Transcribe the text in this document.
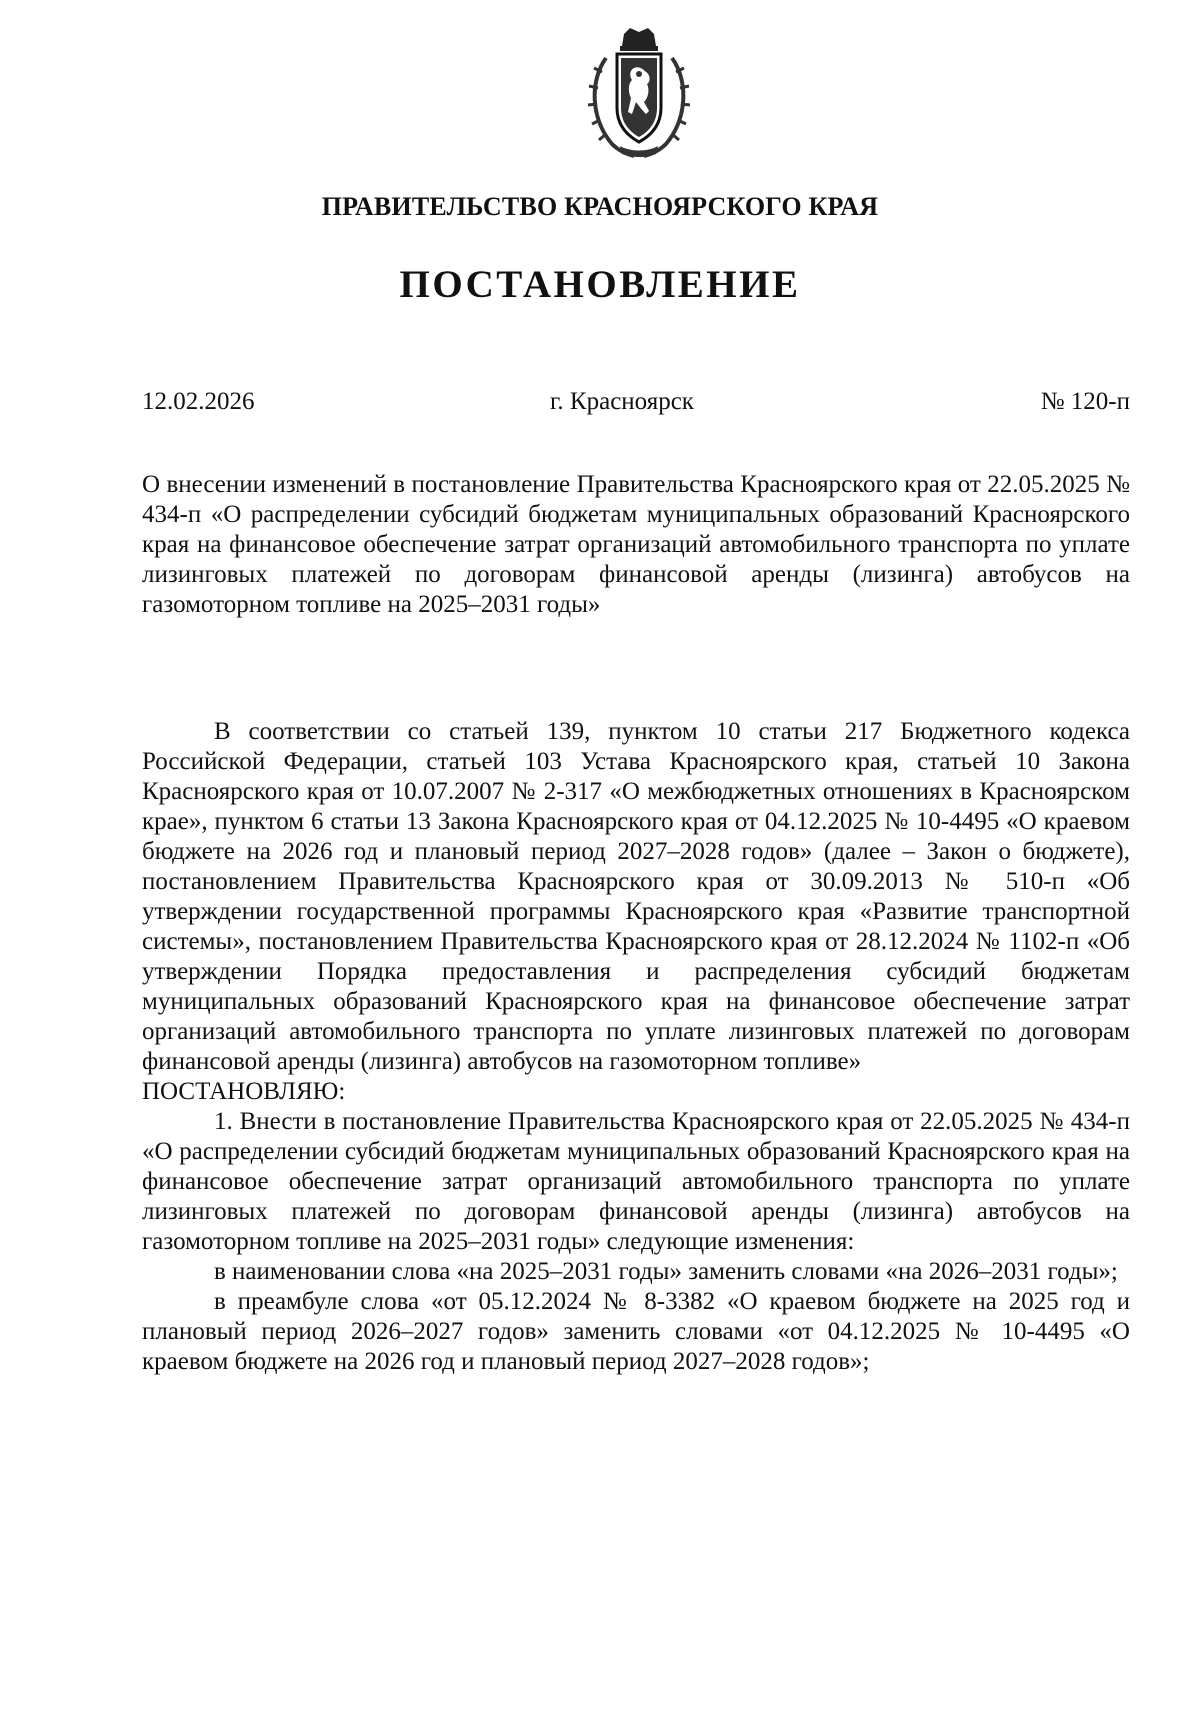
ПРАВИТЕЛЬСТВО КРАСНОЯРСКОГО КРАЯ
ПОСТАНОВЛЕНИЕ
12.02.2026	г. Красноярск	№ 120-п
О внесении изменений в постановление Правительства Красноярского края от 22.05.2025 № 434-п «О распределении субсидий бюджетам муниципальных образований Красноярского края на финансовое обеспечение затрат организаций автомобильного транспорта по уплате лизинговых платежей по договорам финансовой аренды (лизинга) автобусов на газомоторном топливе на 2025–2031 годы»

В соответствии со статьей 139, пунктом 10 статьи 217 Бюджетного кодекса Российской Федерации, статьей 103 Устава Красноярского края, статьей 10 Закона Красноярского края от 10.07.2007 № 2-317 «О межбюджетных отношениях в Красноярском крае», пунктом 6 статьи 13 Закона Красноярского края от 04.12.2025 № 10-4495 «О краевом бюджете на 2026 год и плановый период 2027–2028 годов» (далее – Закон о бюджете), постановлением Правительства Красноярского края от 30.09.2013 № 510-п «Об утверждении государственной программы Красноярского края «Развитие транспортной системы», постановлением Правительства Красноярского края от 28.12.2024 № 1102-п «Об утверждении Порядка предоставления и распределения субсидий бюджетам муниципальных образований Красноярского края на финансовое обеспечение затрат организаций автомобильного транспорта по уплате лизинговых платежей по договорам финансовой аренды (лизинга) автобусов на газомоторном топливе»

ПОСТАНОВЛЯЮ:

1. Внести в постановление Правительства Красноярского края от 22.05.2025 № 434-п «О распределении субсидий бюджетам муниципальных образований Красноярского края на финансовое обеспечение затрат организаций автомобильного транспорта по уплате лизинговых платежей по договорам финансовой аренды (лизинга) автобусов на газомоторном топливе на 2025–2031 годы» следующие изменения:

в наименовании слова «на 2025–2031 годы» заменить словами «на 2026–2031 годы»;

в преамбуле слова «от 05.12.2024 № 8-3382 «О краевом бюджете на 2025 год и плановый период 2026–2027 годов» заменить словами «от 04.12.2025 № 10-4495 «О краевом бюджете на 2026 год и плановый период 2027–2028 годов»;
